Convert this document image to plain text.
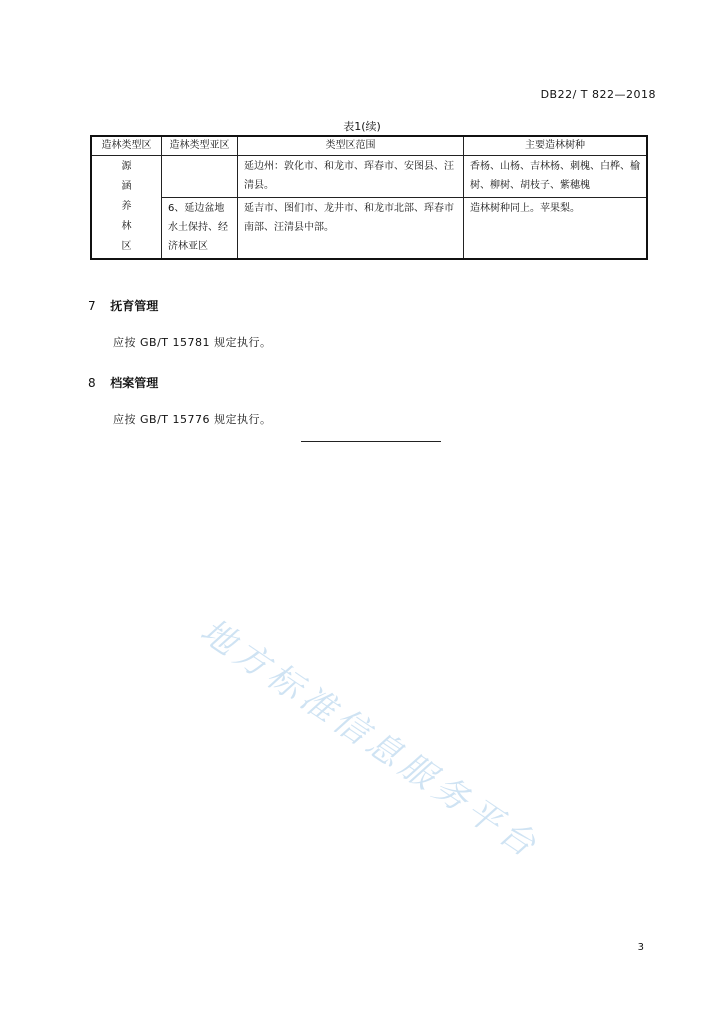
DB22/ T 822—2018
表1(续)
造林类型区	造林类型亚区	类型区范围	主要造林树种

源
涵
养
林
区		延边州：敦化市、和龙市、珲春市、安图县、汪清县。	香杨、山杨、吉林杨、刺槐、白桦、榆树、柳树、胡枝子、紫穗槐
	6、延边盆地水土保持、经济林亚区	延吉市、图们市、龙井市、和龙市北部、珲春市南部、汪清县中部。	造林树种同上。苹果梨。
7 抚育管理
应按 GB/T 15781 规定执行。
8 档案管理
应按 GB/T 15776 规定执行。
地方标准信息服务平台
3
